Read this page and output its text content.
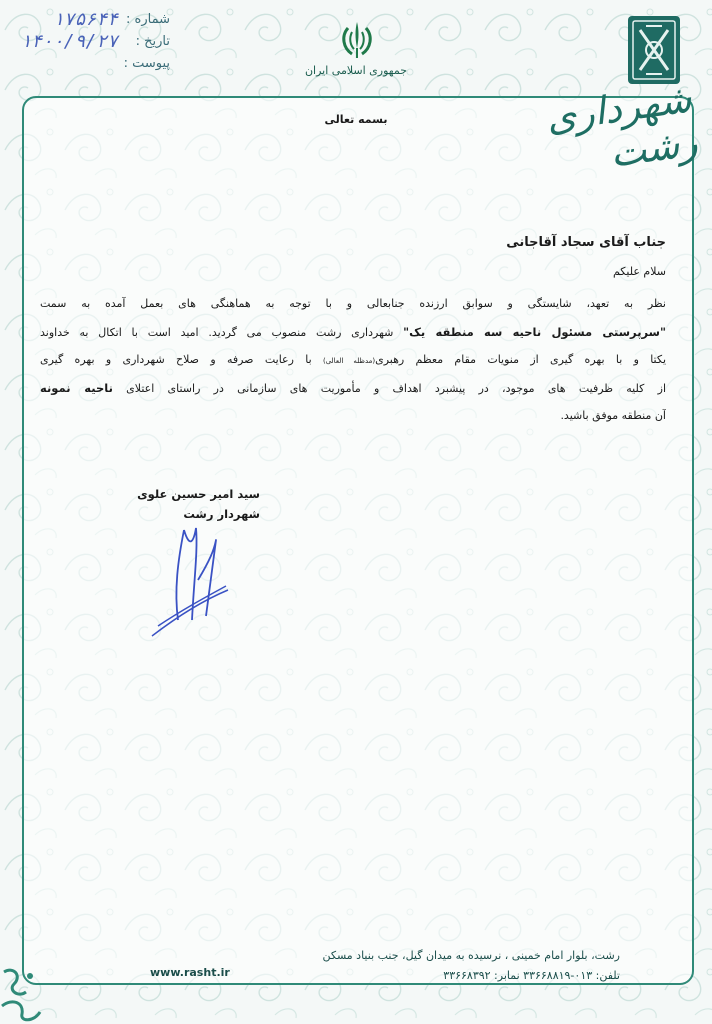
شماره :
۱۷۵۶۴۴
تاریخ :
۱۴۰۰/۹/۲۷
پیوست :	جمهوری اسلامی ایران
شهرداری رشت
بسمه تعالی
جناب آقای سجاد آقاجانی
سلام علیکم
نظر به تعهد، شایستگی و سوابق ارزنده جنابعالی و با توجه به هماهنگی های بعمل آمده به سمت
"سرپرستی مسئول ناحیه سه منطقه یک" شهرداری رشت منصوب می گردید. امید است با اتکال به خداوند
یکتا و با بهره گیری از منویات مقام معظم رهبری(مدظله العالی) با رعایت صرفه و صلاح شهرداری و بهره گیری
از کلیه ظرفیت های موجود، در پیشبرد اهداف و مأموریت های سازمانی در راستای اعتلای ناحیه نمونه
آن منطقه موفق باشید.
سید امیر حسین علوی
شهردار رشت
رشت، بلوار امام خمینی ، نرسیده به میدان گیل، جنب بنیاد مسکن
تلفن: ۰۱۳-۳۳۶۶۸۸۱۹ نمابر: ۳۳۶۶۸۳۹۲
www.rasht.ir
